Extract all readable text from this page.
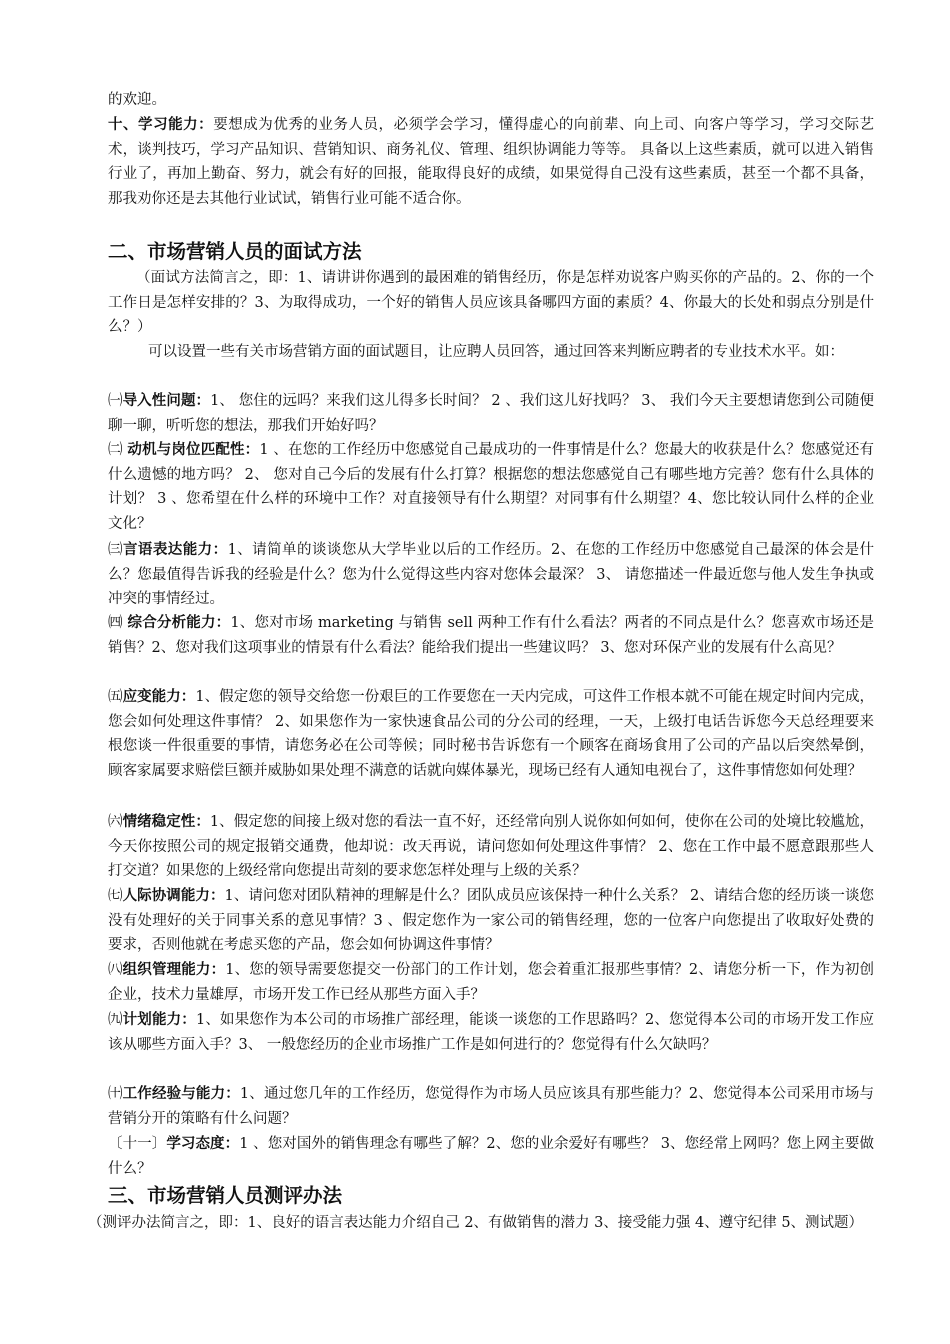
的欢迎。

十、学习能力：要想成为优秀的业务人员，必须学会学习，懂得虚心的向前辈、向上司、向客户等学习，学习交际艺术，谈判技巧，学习产品知识、营销知识、商务礼仪、管理、组织协调能力等等。 具备以上这些素质，就可以进入销售行业了，再加上勤奋、努力，就会有好的回报，能取得良好的成绩，如果觉得自己没有这些素质，甚至一个都不具备，那我劝你还是去其他行业试试，销售行业可能不适合你。

二、市场营销人员的面试方法

（面试方法简言之，即：1、请讲讲你遇到的最困难的销售经历，你是怎样劝说客户购买你的产品的。2、你的一个工作日是怎样安排的？3、为取得成功，一个好的销售人员应该具备哪四方面的素质？4、你最大的长处和弱点分别是什么？）

可以设置一些有关市场营销方面的面试题目，让应聘人员回答，通过回答来判断应聘者的专业技术水平。如：

㈠导入性问题：1、 您住的远吗？来我们这儿得多长时间？ 2 、我们这儿好找吗？ 3、 我们今天主要想请您到公司随便聊一聊，听听您的想法，那我们开始好吗？

㈡ 动机与岗位匹配性：1 、在您的工作经历中您感觉自己最成功的一件事情是什么？您最大的收获是什么？您感觉还有什么遗憾的地方吗？ 2、 您对自己今后的发展有什么打算？根据您的想法您感觉自己有哪些地方完善？您有什么具体的计划？ 3 、您希望在什么样的环境中工作？对直接领导有什么期望？对同事有什么期望？4、您比较认同什么样的企业文化？

㈢言语表达能力：1、请简单的谈谈您从大学毕业以后的工作经历。2、在您的工作经历中您感觉自己最深的体会是什么？您最值得告诉我的经验是什么？您为什么觉得这些内容对您体会最深？ 3、 请您描述一件最近您与他人发生争执或冲突的事情经过。

㈣ 综合分析能力：1、您对市场 marketing 与销售 sell 两种工作有什么看法？两者的不同点是什么？您喜欢市场还是销售？2、您对我们这项事业的情景有什么看法？能给我们提出一些建议吗？ 3、您对环保产业的发展有什么高见？

㈤应变能力：1、假定您的领导交给您一份艰巨的工作要您在一天内完成，可这件工作根本就不可能在规定时间内完成，您会如何处理这件事情？ 2、如果您作为一家快速食品公司的分公司的经理，一天，上级打电话告诉您今天总经理要来根您谈一件很重要的事情，请您务必在公司等候；同时秘书告诉您有一个顾客在商场食用了公司的产品以后突然晕倒，顾客家属要求赔偿巨额并威胁如果处理不满意的话就向媒体暴光，现场已经有人通知电视台了，这件事情您如何处理？

㈥情绪稳定性：1、假定您的间接上级对您的看法一直不好，还经常向别人说你如何如何，使你在公司的处境比较尴尬，今天你按照公司的规定报销交通费，他却说：改天再说，请问您如何处理这件事情？ 2、您在工作中最不愿意跟那些人打交道？如果您的上级经常向您提出苛刻的要求您怎样处理与上级的关系？

㈦人际协调能力：1、请问您对团队精神的理解是什么？团队成员应该保持一种什么关系？ 2、请结合您的经历谈一谈您没有处理好的关于同事关系的意见事情？3 、假定您作为一家公司的销售经理，您的一位客户向您提出了收取好处费的要求，否则他就在考虑买您的产品，您会如何协调这件事情？

㈧组织管理能力：1、您的领导需要您提交一份部门的工作计划，您会着重汇报那些事情？2、请您分析一下，作为初创企业，技术力量雄厚，市场开发工作已经从那些方面入手？

㈨计划能力：1、如果您作为本公司的市场推广部经理，能谈一谈您的工作思路吗？2、您觉得本公司的市场开发工作应该从哪些方面入手？3、 一般您经历的企业市场推广工作是如何进行的？您觉得有什么欠缺吗？

㈩工作经验与能力：1、通过您几年的工作经历，您觉得作为市场人员应该具有那些能力？2、您觉得本公司采用市场与营销分开的策略有什么问题？

〔十一〕学习态度：1 、您对国外的销售理念有哪些了解？2、您的业余爱好有哪些？ 3、您经常上网吗？您上网主要做什么？

三、市场营销人员测评办法

（测评办法简言之，即：1、良好的语言表达能力介绍自己 2、有做销售的潜力 3、接受能力强 4、遵守纪律 5、测试题）
